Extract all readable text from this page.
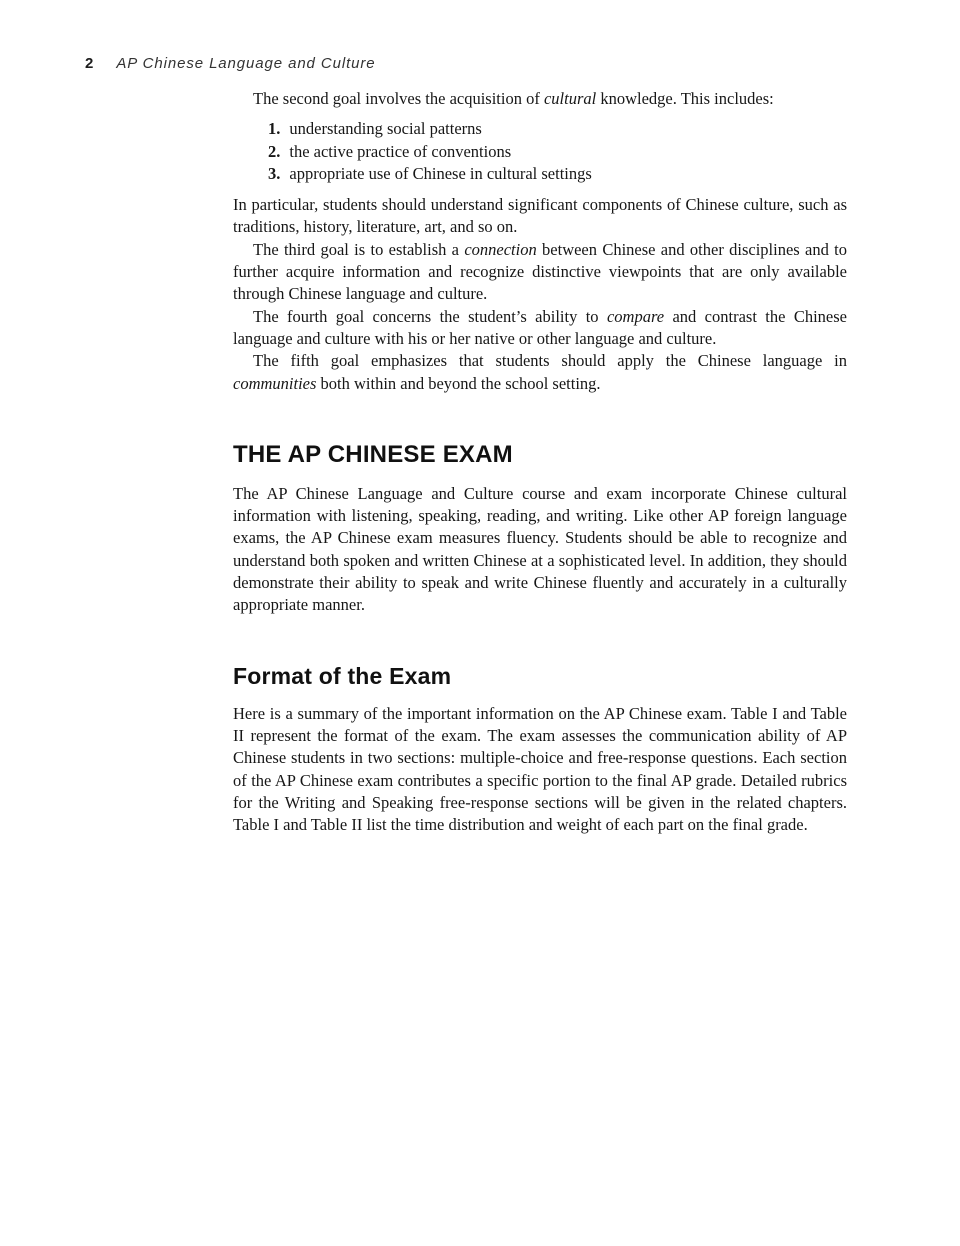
2 AP Chinese Language and Culture

The second goal involves the acquisition of cultural knowledge. This includes:

1. understanding social patterns
2. the active practice of conventions
3. appropriate use of Chinese in cultural settings

In particular, students should understand significant components of Chinese culture, such as traditions, history, literature, art, and so on.

The third goal is to establish a connection between Chinese and other disciplines and to further acquire information and recognize distinctive viewpoints that are only available through Chinese language and culture.

The fourth goal concerns the student’s ability to compare and contrast the Chinese language and culture with his or her native or other language and culture.

The fifth goal emphasizes that students should apply the Chinese language in communities both within and beyond the school setting.

THE AP CHINESE EXAM

The AP Chinese Language and Culture course and exam incorporate Chinese cultural information with listening, speaking, reading, and writing. Like other AP foreign language exams, the AP Chinese exam measures fluency. Students should be able to recognize and understand both spoken and written Chinese at a sophisticated level. In addition, they should demonstrate their ability to speak and write Chinese fluently and accurately in a culturally appropriate manner.

Format of the Exam

Here is a summary of the important information on the AP Chinese exam. Table I and Table II represent the format of the exam. The exam assesses the communication ability of AP Chinese students in two sections: multiple-choice and free-response questions. Each section of the AP Chinese exam contributes a specific portion to the final AP grade. Detailed rubrics for the Writing and Speaking free-response sections will be given in the related chapters. Table I and Table II list the time distribution and weight of each part on the final grade.
